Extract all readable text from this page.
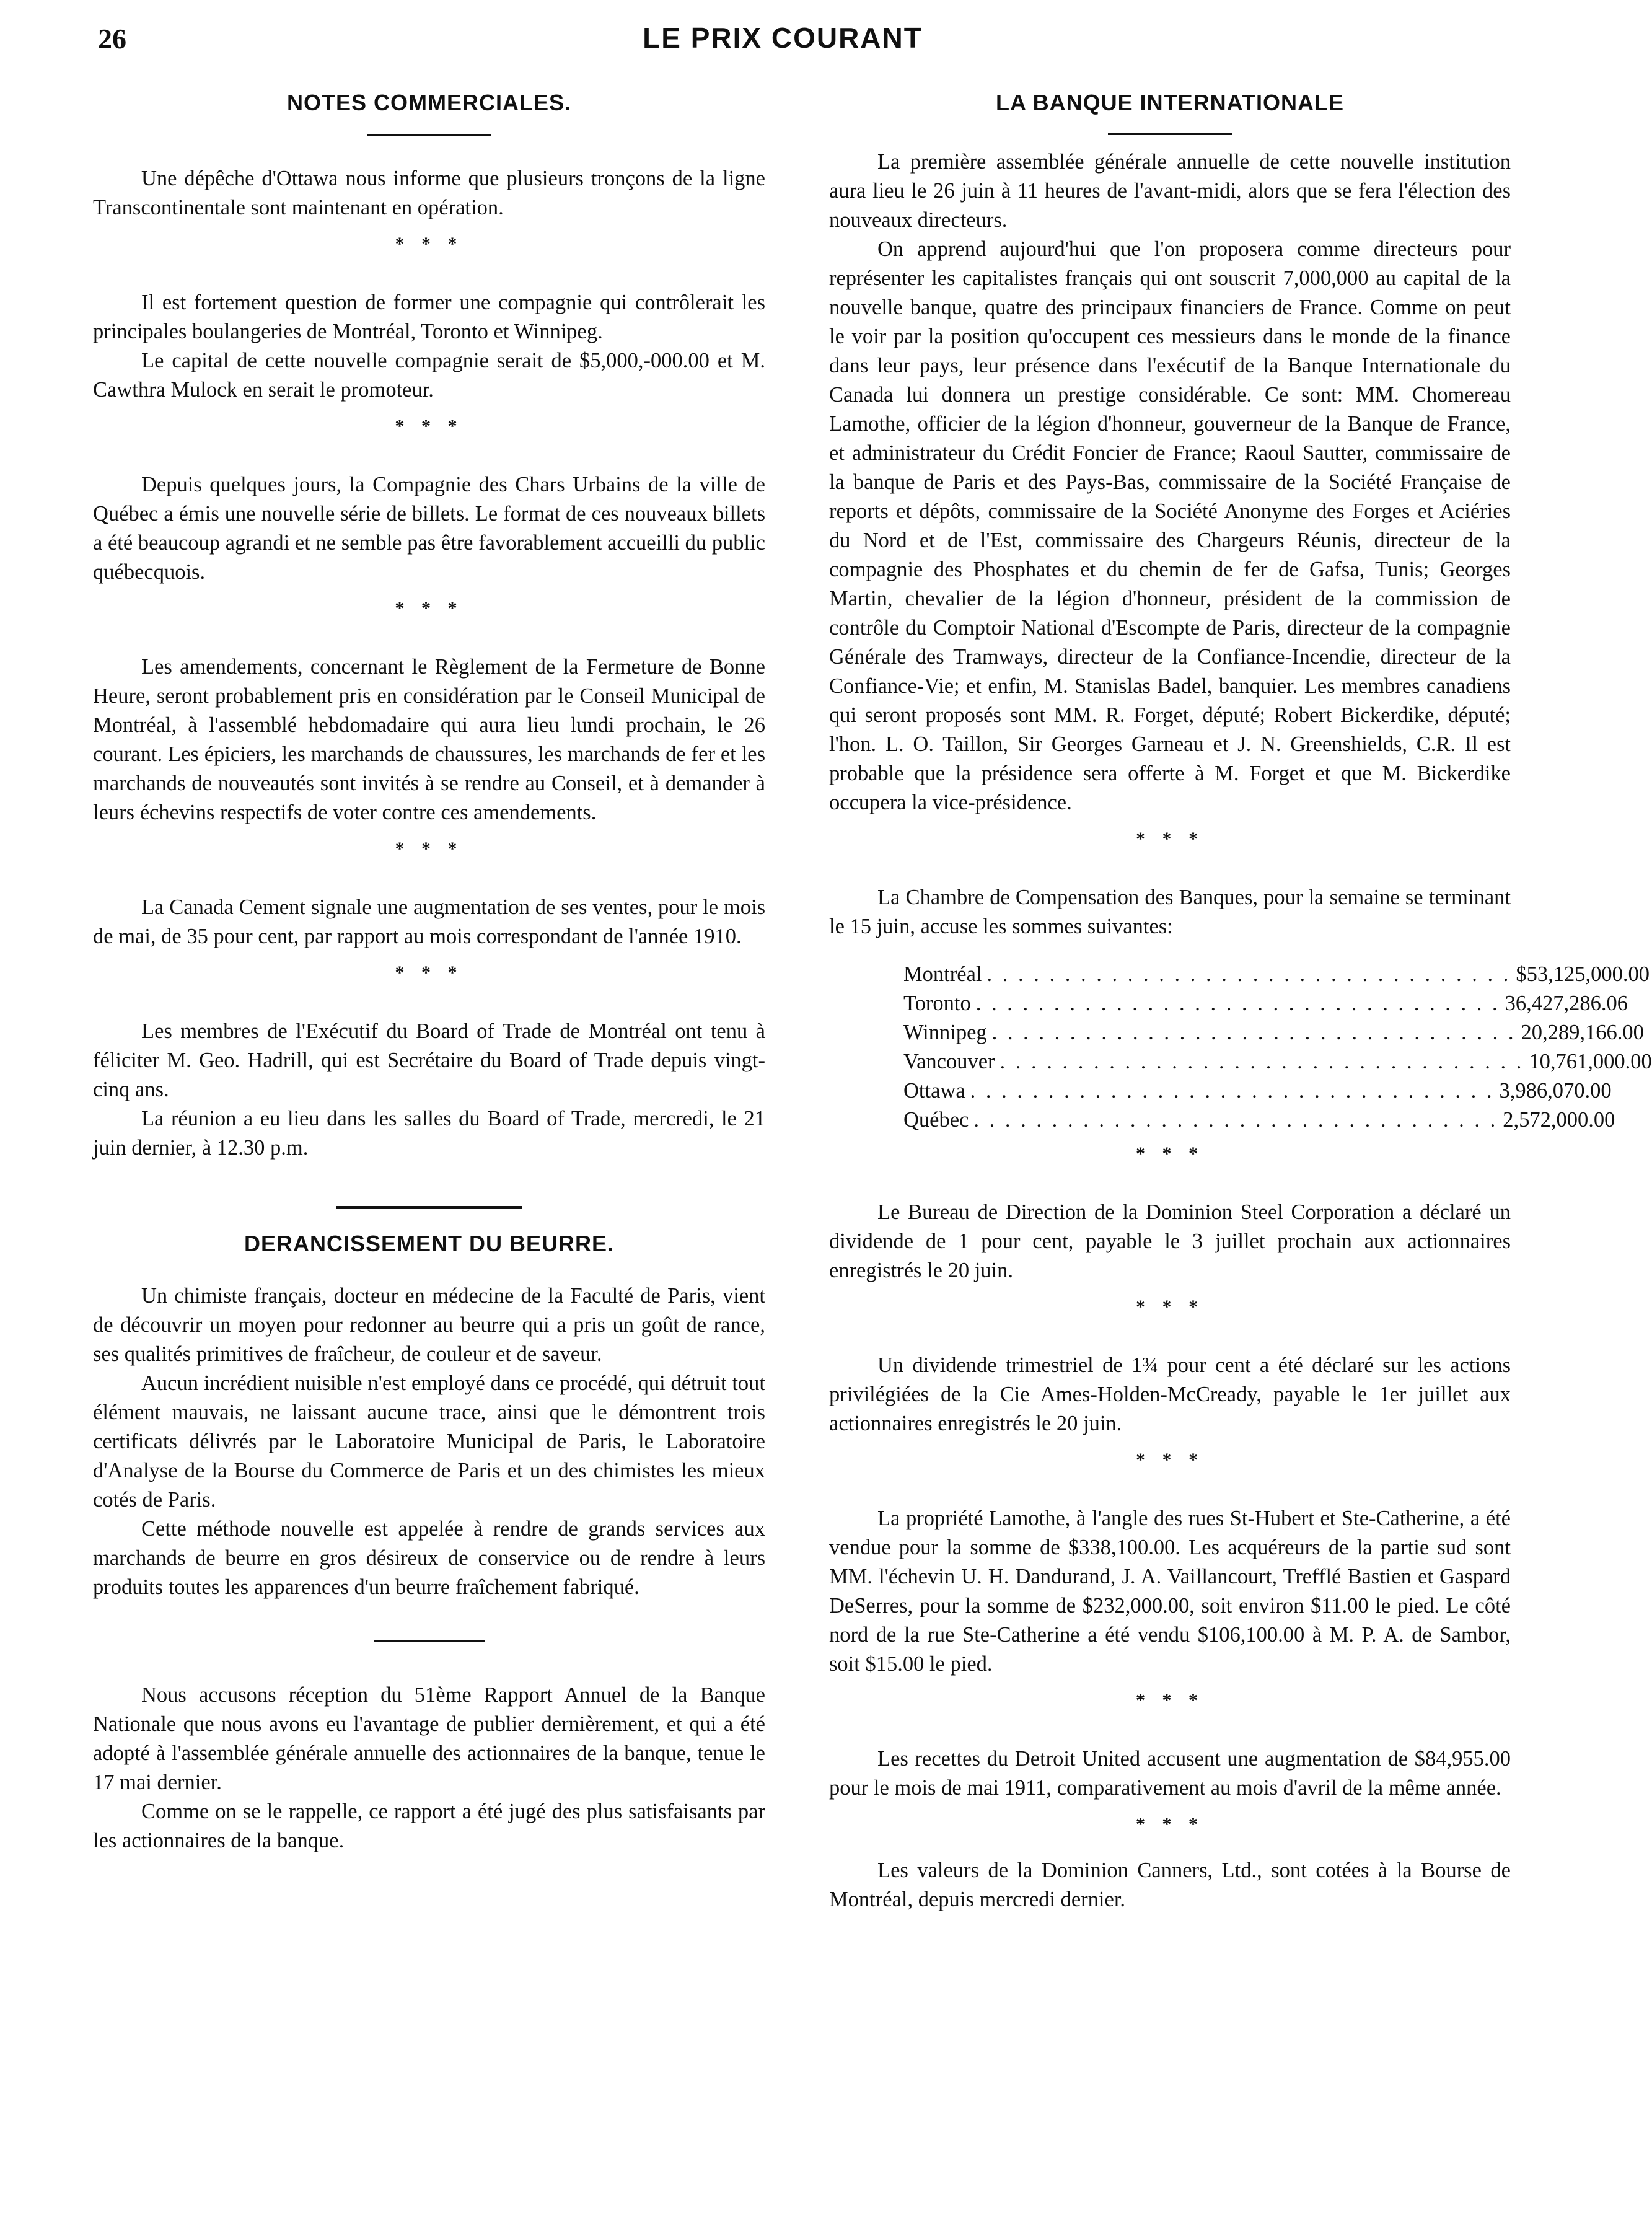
26	LE PRIX COURANT
NOTES COMMERCIALES.

Une dépêche d'Ottawa nous informe que plusieurs tronçons de la ligne Transcontinentale sont maintenant en opération.

* * *

Il est fortement question de former une compagnie qui contrôlerait les principales boulangeries de Montréal, Toronto et Winnipeg.

Le capital de cette nouvelle compagnie serait de $5,000,-000.00 et M. Cawthra Mulock en serait le promoteur.

* * *

Depuis quelques jours, la Compagnie des Chars Urbains de la ville de Québec a émis une nouvelle série de billets. Le format de ces nouveaux billets a été beaucoup agrandi et ne semble pas être favorablement accueilli du public québecquois.

* * *

Les amendements, concernant le Règlement de la Fermeture de Bonne Heure, seront probablement pris en considération par le Conseil Municipal de Montréal, à l'assemblé hebdomadaire qui aura lieu lundi prochain, le 26 courant. Les épiciers, les marchands de chaussures, les marchands de fer et les marchands de nouveautés sont invités à se rendre au Conseil, et à demander à leurs échevins respectifs de voter contre ces amendements.

* * *

La Canada Cement signale une augmentation de ses ventes, pour le mois de mai, de 35 pour cent, par rapport au mois correspondant de l'année 1910.

* * *

Les membres de l'Exécutif du Board of Trade de Montréal ont tenu à féliciter M. Geo. Hadrill, qui est Secrétaire du Board of Trade depuis vingt-cinq ans.

La réunion a eu lieu dans les salles du Board of Trade, mercredi, le 21 juin dernier, à 12.30 p.m.

DERANCISSEMENT DU BEURRE.

Un chimiste français, docteur en médecine de la Faculté de Paris, vient de découvrir un moyen pour redonner au beurre qui a pris un goût de rance, ses qualités primitives de fraîcheur, de couleur et de saveur.

Aucun incrédient nuisible n'est employé dans ce procédé, qui détruit tout élément mauvais, ne laissant aucune trace, ainsi que le démontrent trois certificats délivrés par le Laboratoire Municipal de Paris, le Laboratoire d'Analyse de la Bourse du Commerce de Paris et un des chimistes les mieux cotés de Paris.

Cette méthode nouvelle est appelée à rendre de grands services aux marchands de beurre en gros désireux de conservice ou de rendre à leurs produits toutes les apparences d'un beurre fraîchement fabriqué.

Nous accusons réception du 51ème Rapport Annuel de la Banque Nationale que nous avons eu l'avantage de publier dernièrement, et qui a été adopté à l'assemblée générale annuelle des actionnaires de la banque, tenue le 17 mai dernier.

Comme on se le rappelle, ce rapport a été jugé des plus satisfaisants par les actionnaires de la banque.

LA BANQUE INTERNATIONALE

La première assemblée générale annuelle de cette nouvelle institution aura lieu le 26 juin à 11 heures de l'avant-midi, alors que se fera l'élection des nouveaux directeurs.

On apprend aujourd'hui que l'on proposera comme directeurs pour représenter les capitalistes français qui ont souscrit 7,000,000 au capital de la nouvelle banque, quatre des principaux financiers de France. Comme on peut le voir par la position qu'occupent ces messieurs dans le monde de la finance dans leur pays, leur présence dans l'exécutif de la Banque Internationale du Canada lui donnera un prestige considérable. Ce sont: MM. Chomereau Lamothe, officier de la légion d'honneur, gouverneur de la Banque de France, et administrateur du Crédit Foncier de France; Raoul Sautter, commissaire de la banque de Paris et des Pays-Bas, commissaire de la Société Française de reports et dépôts, commissaire de la Société Anonyme des Forges et Aciéries du Nord et de l'Est, commissaire des Chargeurs Réunis, directeur de la compagnie des Phosphates et du chemin de fer de Gafsa, Tunis; Georges Martin, chevalier de la légion d'honneur, président de la commission de contrôle du Comptoir National d'Escompte de Paris, directeur de la compagnie Générale des Tramways, directeur de la Confiance-Incendie, directeur de la Confiance-Vie; et enfin, M. Stanislas Badel, banquier. Les membres canadiens qui seront proposés sont MM. R. Forget, député; Robert Bickerdike, député; l'hon. L. O. Taillon, Sir Georges Garneau et J. N. Greenshields, C.R. Il est probable que la présidence sera offerte à M. Forget et que M. Bickerdike occupera la vice-présidence.

* * *

La Chambre de Compensation des Banques, pour la semaine se terminant le 15 juin, accuse les sommes suivantes:

Montréal . . . . . . . . . . . . . . . . . . . . . . . . . . . . . . . . . . $53,125,000.00
Toronto . . . . . . . . . . . . . . . . . . . . . . . . . . . . . . . . . . 36,427,286.06
Winnipeg . . . . . . . . . . . . . . . . . . . . . . . . . . . . . . . . . . 20,289,166.00
Vancouver . . . . . . . . . . . . . . . . . . . . . . . . . . . . . . . . . . 10,761,000.00
Ottawa . . . . . . . . . . . . . . . . . . . . . . . . . . . . . . . . . . 3,986,070.00
Québec . . . . . . . . . . . . . . . . . . . . . . . . . . . . . . . . . . 2,572,000.00
* * *

Le Bureau de Direction de la Dominion Steel Corporation a déclaré un dividende de 1 pour cent, payable le 3 juillet prochain aux actionnaires enregistrés le 20 juin.

* * *

Un dividende trimestriel de 1¾ pour cent a été déclaré sur les actions privilégiées de la Cie Ames-Holden-McCready, payable le 1er juillet aux actionnaires enregistrés le 20 juin.

* * *

La propriété Lamothe, à l'angle des rues St-Hubert et Ste-Catherine, a été vendue pour la somme de $338,100.00. Les acquéreurs de la partie sud sont MM. l'échevin U. H. Dandurand, J. A. Vaillancourt, Trefflé Bastien et Gaspard DeSerres, pour la somme de $232,000.00, soit environ $11.00 le pied. Le côté nord de la rue Ste-Catherine a été vendu $106,100.00 à M. P. A. de Sambor, soit $15.00 le pied.

* * *

Les recettes du Detroit United accusent une augmentation de $84,955.00 pour le mois de mai 1911, comparativement au mois d'avril de la même année.

* * *

Les valeurs de la Dominion Canners, Ltd., sont cotées à la Bourse de Montréal, depuis mercredi dernier.
